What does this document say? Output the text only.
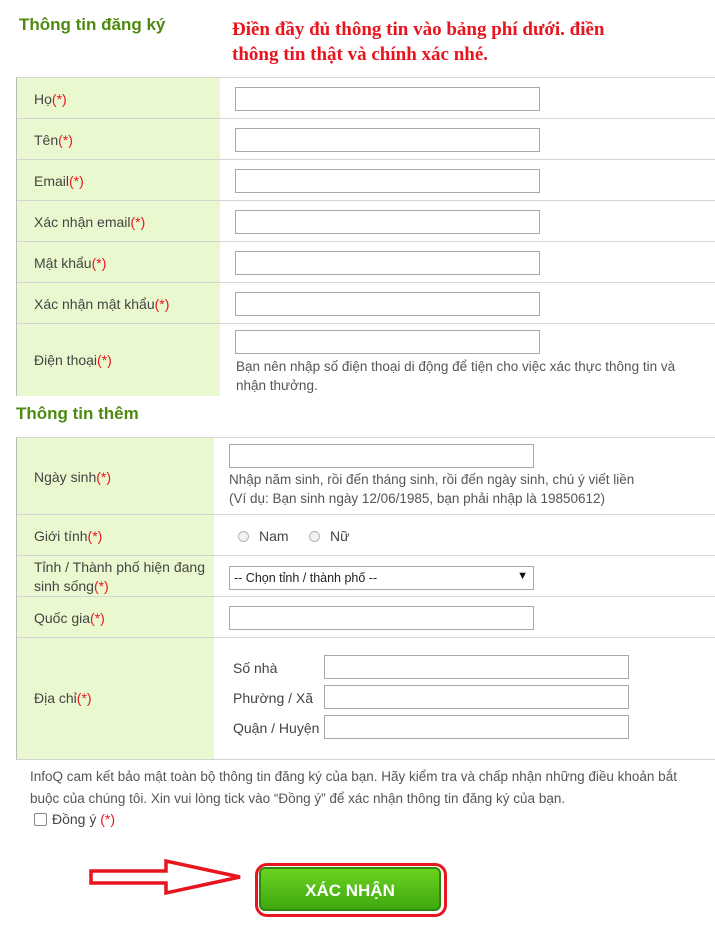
Thông tin đăng ký	Điền đầy đủ thông tin vào bảng phí dưới. điền
thông tin thật và chính xác nhé.
Họ(*)
Tên(*)
Email(*)
Xác nhận email(*)
Mật khẩu(*)
Xác nhận mật khẩu(*)
Điện thoại(*)	Bạn nên nhập số điện thoại di động để tiện cho việc xác thực thông tin và
nhận thưởng.
Thông tin thêm
Ngày sinh(*)	Nhập năm sinh, rồi đến tháng sinh, rồi đến ngày sinh, chú ý viết liền
(Ví dụ: Bạn sinh ngày 12/06/1985, bạn phải nhập là 19850612)
Giới tính(*)	Nam	Nữ
Tỉnh / Thành phố hiện đang
sinh sống(*)	-- Chọn tỉnh / thành phố --	▼
Quốc gia(*)
Địa chỉ(*)
Số nhà
Phường / Xã
Quận / Huyện
InfoQ cam kết bảo mật toàn bộ thông tin đăng ký của bạn. Hãy kiểm tra và chấp nhận những điều khoản bắt
buộc của chúng tôi. Xin vui lòng tick vào “Đồng ý” để xác nhận thông tin đăng ký của bạn.
Đồng ý (*)
XÁC NHẬN
